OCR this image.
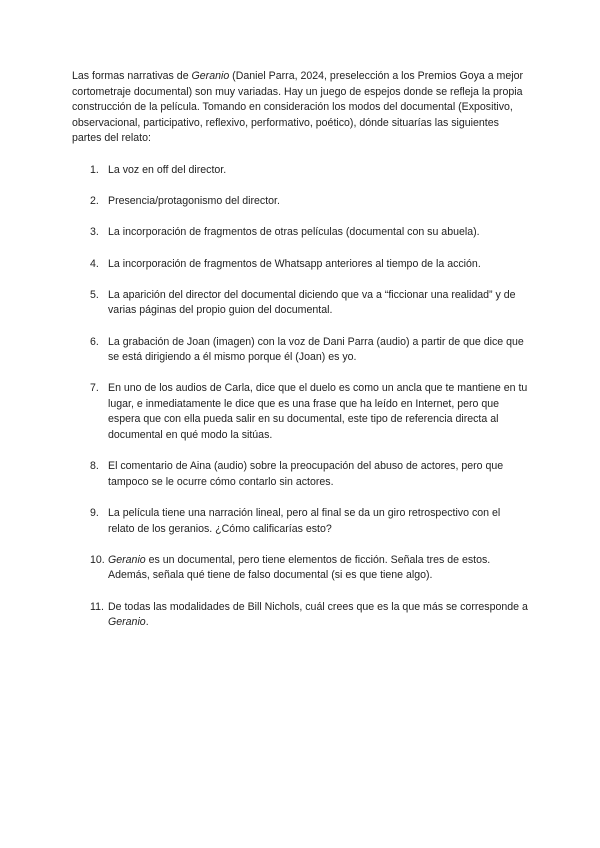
Las formas narrativas de Geranio (Daniel Parra, 2024, preselección a los Premios Goya a mejor cortometraje documental) son muy variadas. Hay un juego de espejos donde se refleja la propia construcción de la película. Tomando en consideración los modos del documental (Expositivo, observacional, participativo, reflexivo, performativo, poético), dónde situarías las siguientes partes del relato:

1. La voz en off del director.
2. Presencia/protagonismo del director.
3. La incorporación de fragmentos de otras películas (documental con su abuela).
4. La incorporación de fragmentos de Whatsapp anteriores al tiempo de la acción.
5. La aparición del director del documental diciendo que va a “ficcionar una realidad” y de varias páginas del propio guion del documental.
6. La grabación de Joan (imagen) con la voz de Dani Parra (audio) a partir de que dice que se está dirigiendo a él mismo porque él (Joan) es yo.
7. En uno de los audios de Carla, dice que el duelo es como un ancla que te mantiene en tu lugar, e inmediatamente le dice que es una frase que ha leído en Internet, pero que espera que con ella pueda salir en su documental, este tipo de referencia directa al documental en qué modo la sitúas.
8. El comentario de Aina (audio) sobre la preocupación del abuso de actores, pero que tampoco se le ocurre cómo contarlo sin actores.
9. La película tiene una narración lineal, pero al final se da un giro retrospectivo con el relato de los geranios. ¿Cómo calificarías esto?
10. Geranio es un documental, pero tiene elementos de ficción. Señala tres de estos. Además, señala qué tiene de falso documental (si es que tiene algo).
11. De todas las modalidades de Bill Nichols, cuál crees que es la que más se corresponde a Geranio.
